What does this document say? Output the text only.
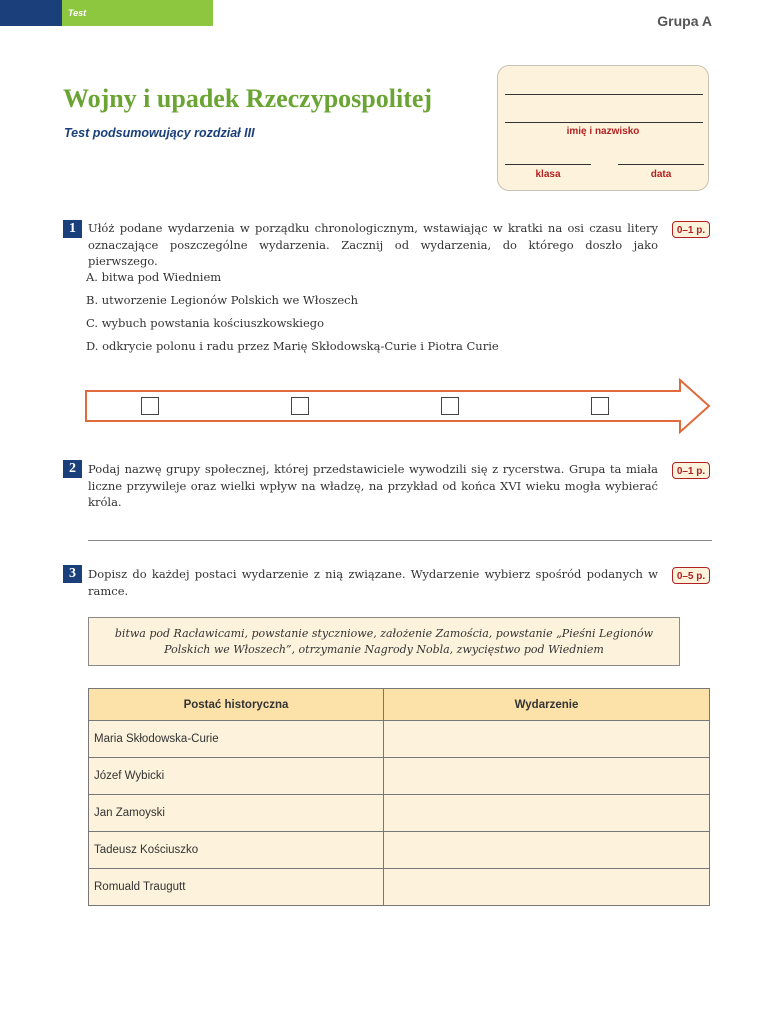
Test	Grupa A
Wojny i upadek Rzeczypospolitej
Test podsumowujący rozdział III	imię i nazwisko
klasa	data
1	Ułóż podane wydarzenia w porządku chronologicznym, wstawiając w kratki na osi czasu litery oznaczające poszczególne wydarzenia. Zacznij od wydarzenia, do którego doszło jako pierwszego.
0–1 p.
A. bitwa pod Wiedniem
B. utworzenie Legionów Polskich we Włoszech
C. wybuch powstania kościuszkowskiego
D. odkrycie polonu i radu przez Marię Skłodowską-Curie i Piotra Curie
2	Podaj nazwę grupy społecznej, której przedstawiciele wywodzili się z rycerstwa. Grupa ta miała liczne przywileje oraz wielki wpływ na władzę, na przykład od końca XVI wieku mogła wybierać króla.
0–1 p.
3	Dopisz do każdej postaci wydarzenie z nią związane. Wydarzenie wybierz spośród podanych w ramce.
0–5 p.
bitwa pod Racławicami, powstanie styczniowe, założenie Zamościa, powstanie „Pieśni Legionów Polskich we Włoszech”, otrzymanie Nagrody Nobla, zwycięstwo pod Wiedniem
Postać historyczna	Wydarzenie
Maria Skłodowska-Curie	
Józef Wybicki	
Jan Zamoyski	
Tadeusz Kościuszko	
Romuald Traugutt	
